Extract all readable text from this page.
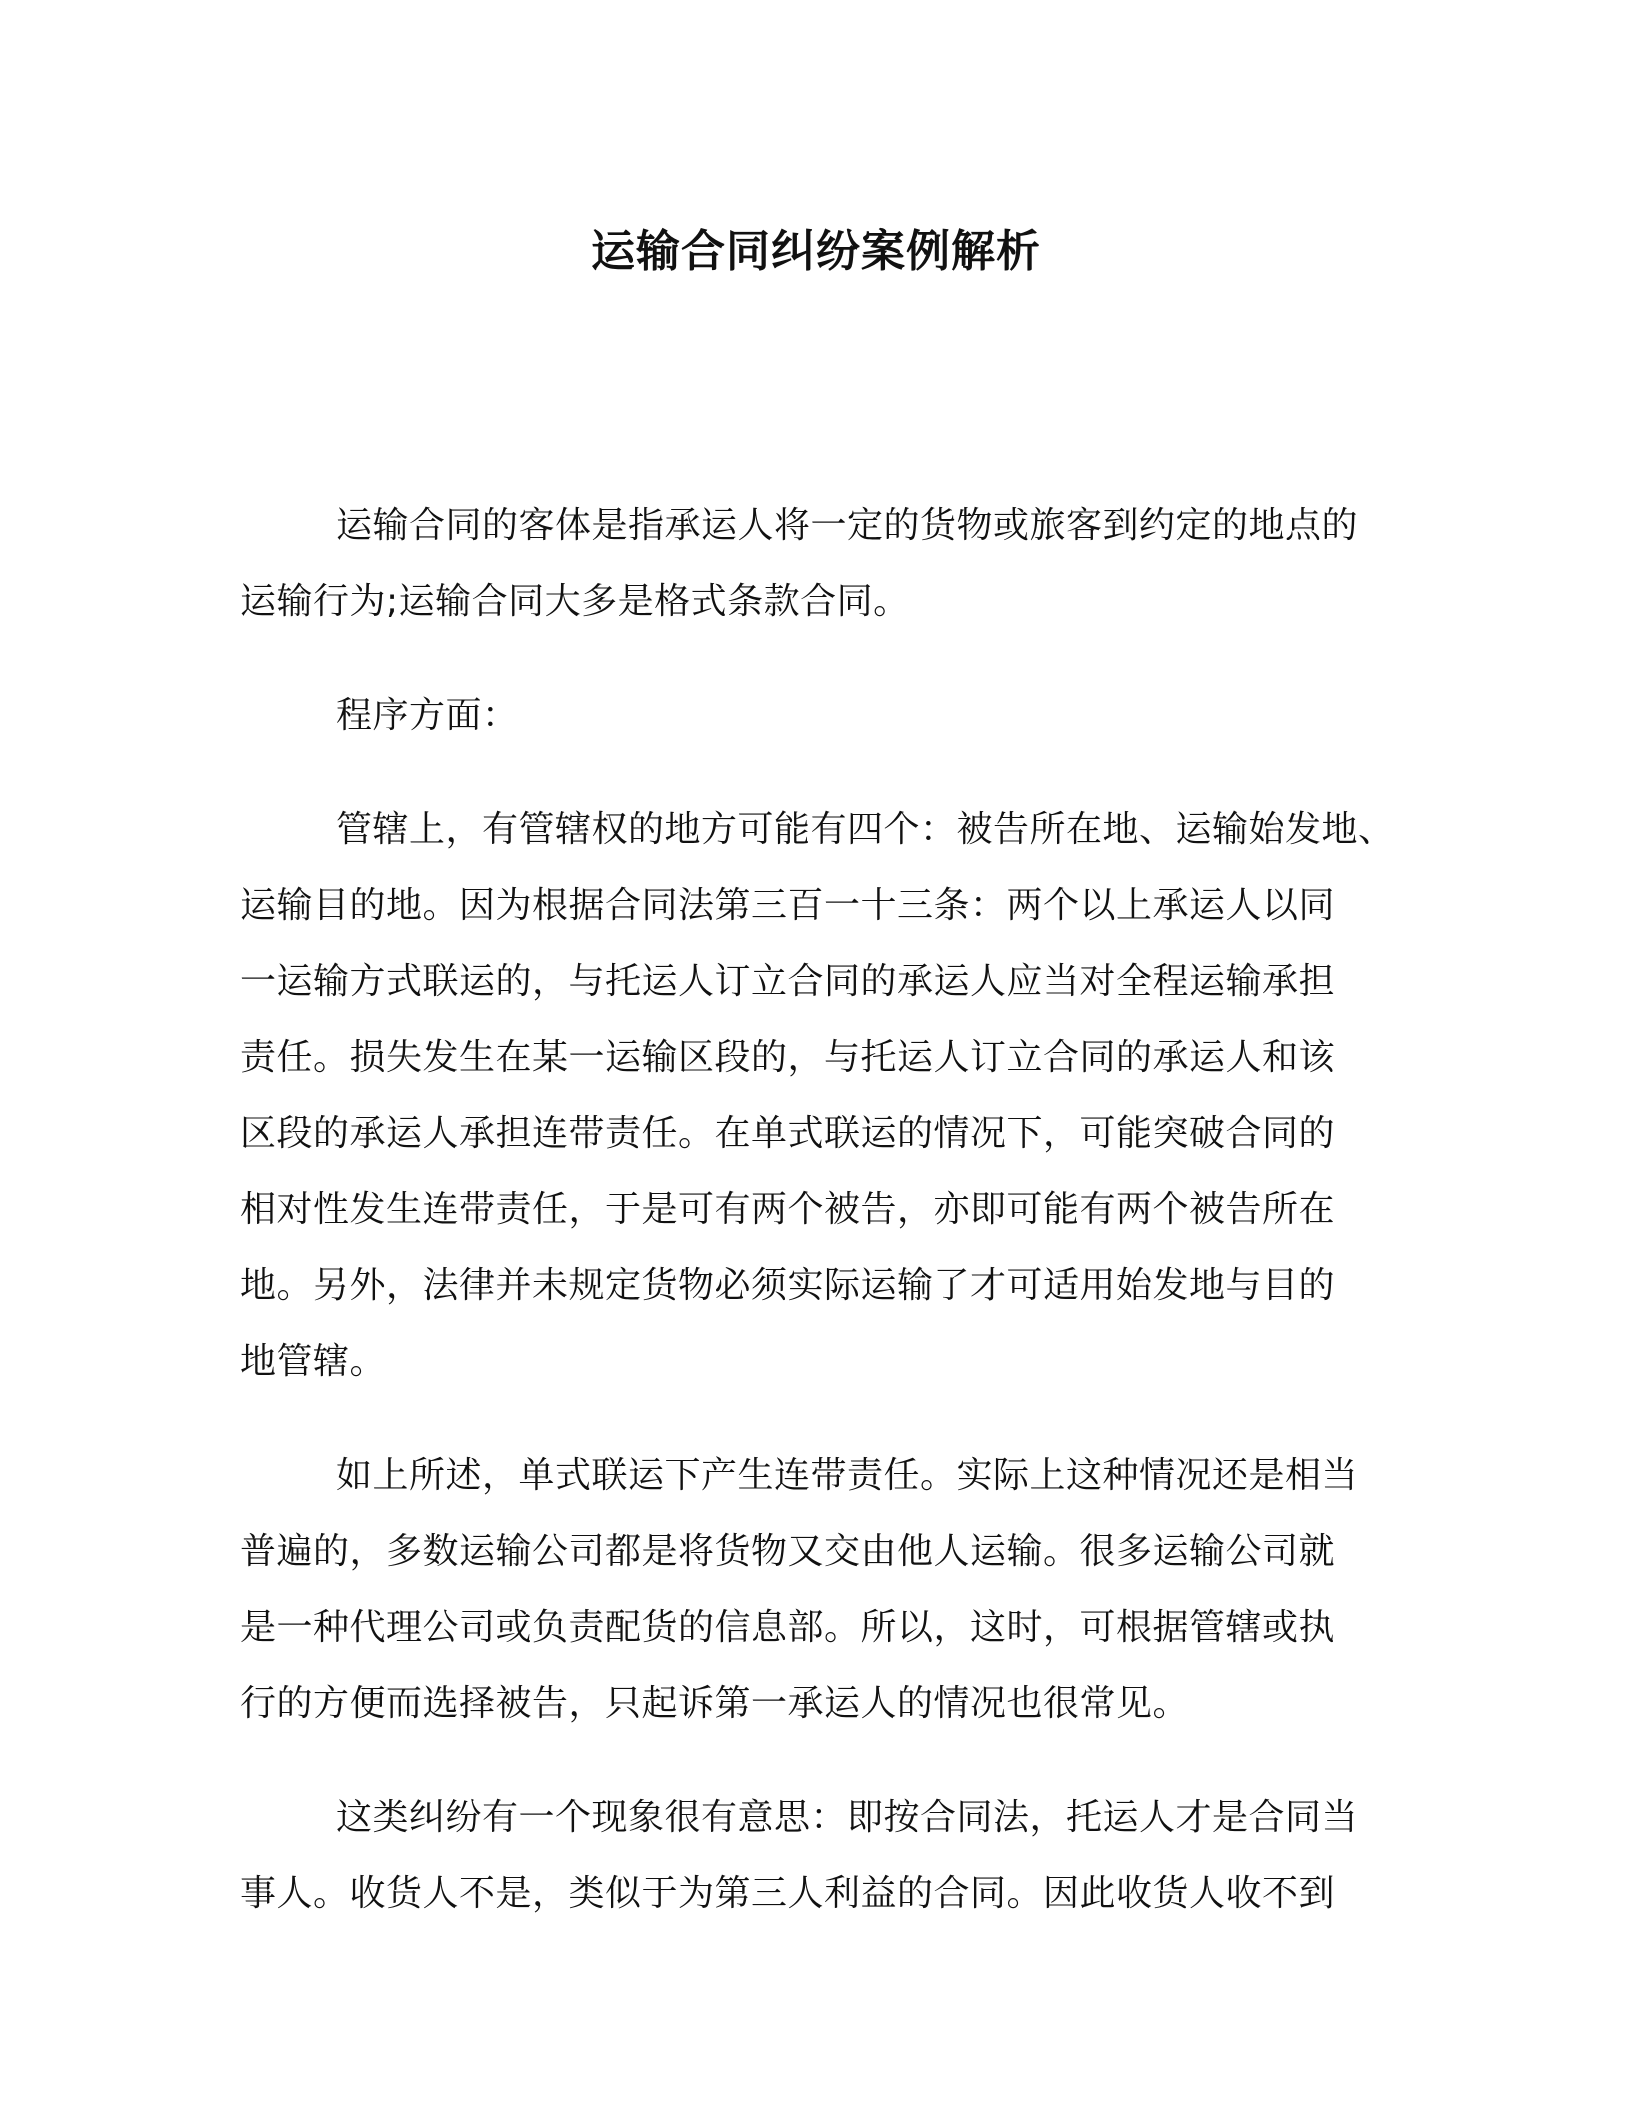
运输合同纠纷案例解析

运输合同的客体是指承运人将一定的货物或旅客到约定的地点的
运输行为;运输合同大多是格式条款合同。

程序方面：

管辖上，有管辖权的地方可能有四个：被告所在地、运输始发地、
运输目的地。因为根据合同法第三百一十三条：两个以上承运人以同
一运输方式联运的，与托运人订立合同的承运人应当对全程运输承担
责任。损失发生在某一运输区段的，与托运人订立合同的承运人和该
区段的承运人承担连带责任。在单式联运的情况下，可能突破合同的
相对性发生连带责任，于是可有两个被告，亦即可能有两个被告所在
地。另外，法律并未规定货物必须实际运输了才可适用始发地与目的
地管辖。

如上所述，单式联运下产生连带责任。实际上这种情况还是相当
普遍的，多数运输公司都是将货物又交由他人运输。很多运输公司就
是一种代理公司或负责配货的信息部。所以，这时，可根据管辖或执
行的方便而选择被告，只起诉第一承运人的情况也很常见。

这类纠纷有一个现象很有意思：即按合同法，托运人才是合同当
事人。收货人不是，类似于为第三人利益的合同。因此收货人收不到
